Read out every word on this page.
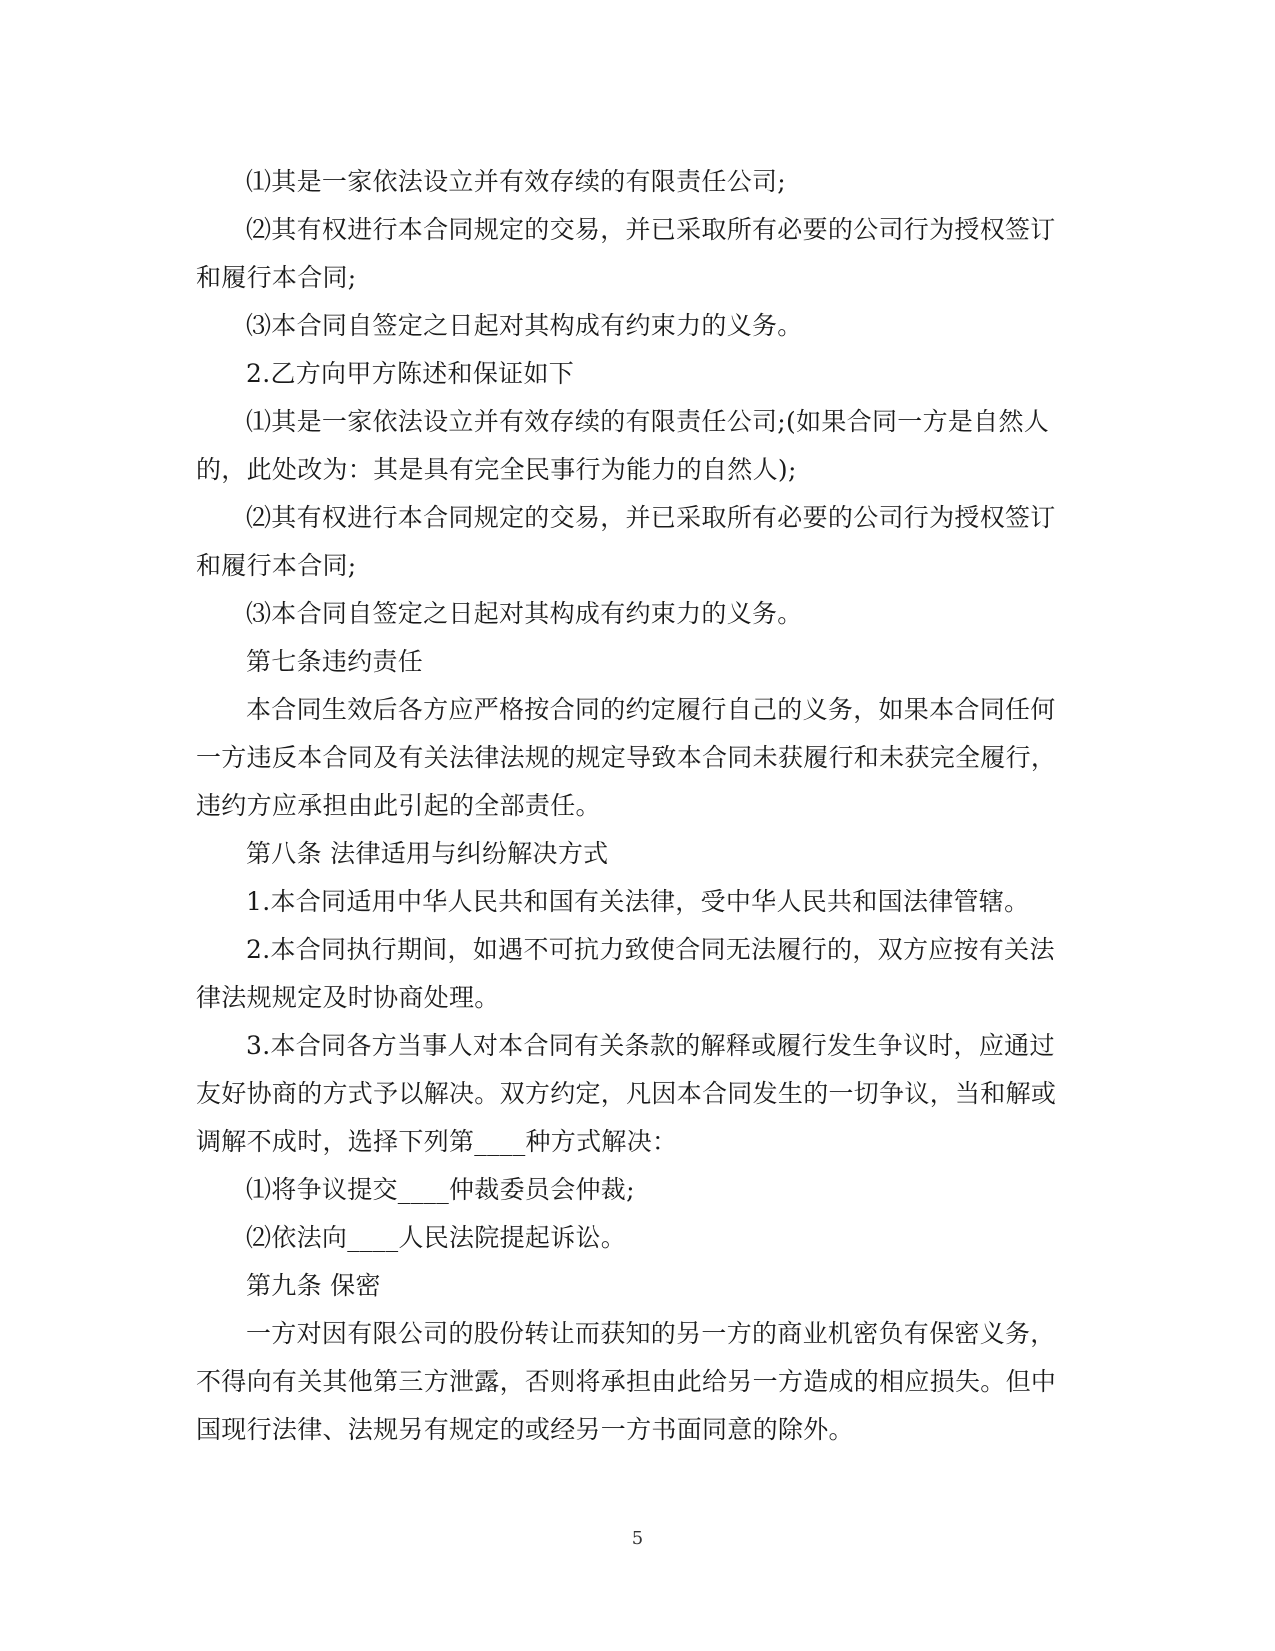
⑴其是一家依法设立并有效存续的有限责任公司;

⑵其有权进行本合同规定的交易，并已采取所有必要的公司行为授权签订和履行本合同;

⑶本合同自签定之日起对其构成有约束力的义务。

2.乙方向甲方陈述和保证如下

⑴其是一家依法设立并有效存续的有限责任公司;(如果合同一方是自然人的，此处改为：其是具有完全民事行为能力的自然人);

⑵其有权进行本合同规定的交易，并已采取所有必要的公司行为授权签订和履行本合同;

⑶本合同自签定之日起对其构成有约束力的义务。

第七条违约责任

本合同生效后各方应严格按合同的约定履行自己的义务，如果本合同任何一方违反本合同及有关法律法规的规定导致本合同未获履行和未获完全履行，违约方应承担由此引起的全部责任。

第八条 法律适用与纠纷解决方式

1.本合同适用中华人民共和国有关法律，受中华人民共和国法律管辖。

2.本合同执行期间，如遇不可抗力致使合同无法履行的，双方应按有关法律法规规定及时协商处理。

3.本合同各方当事人对本合同有关条款的解释或履行发生争议时，应通过友好协商的方式予以解决。双方约定，凡因本合同发生的一切争议，当和解或调解不成时，选择下列第____种方式解决：

⑴将争议提交____仲裁委员会仲裁;

⑵依法向____人民法院提起诉讼。

第九条 保密

一方对因有限公司的股份转让而获知的另一方的商业机密负有保密义务，不得向有关其他第三方泄露，否则将承担由此给另一方造成的相应损失。但中国现行法律、法规另有规定的或经另一方书面同意的除外。

5
